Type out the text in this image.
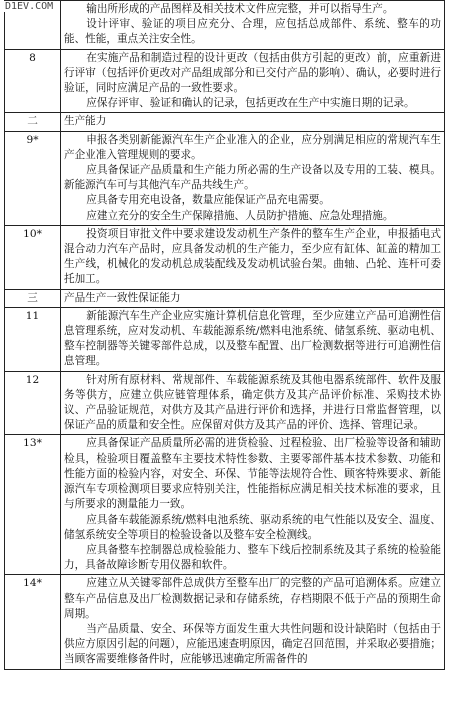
D1EV.COM

	输出所形成的产品图样及相关技术文件应完整，并可以指导生产。
设计评审、验证的项目应充分、合理，应包括总成部件、系统、整车的功能、性能，重点关注安全性。

8	在实施产品和制造过程的设计更改（包括由供方引起的更改）前，应重新进行评审（包括评价更改对产品组成部分和已交付产品的影响）、确认，必要时进行验证，同时应满足产品的一致性要求。
应保存评审、验证和确认的记录，包括更改在生产中实施日期的记录。

二	生产能力
9*	申报各类别新能源汽车生产企业准入的企业，应分别满足相应的常规汽车生产企业准入管理规则的要求。
应具备保证产品质量和生产能力所必需的生产设备以及专用的工装、模具。新能源汽车可与其他汽车产品共线生产。
应具备专用充电设备，数量应能保证产品充电需要。
应建立充分的安全生产保障措施、人员防护措施、应急处理措施。

10*	投资项目审批文件中要求建设发动机生产条件的整车生产企业，申报插电式混合动力汽车产品时，应具备发动机的生产能力，至少应有缸体、缸盖的精加工生产线，机械化的发动机总成装配线及发动机试验台架。曲轴、凸轮、连杆可委托加工。

三	产品生产一致性保证能力
11	新能源汽车生产企业应实施计算机信息化管理，至少应建立产品可追溯性信息管理系统，应对发动机、车载能源系统/燃料电池系统、储氢系统、驱动电机、整车控制器等关键零部件总成，以及整车配置、出厂检测数据等进行可追溯性信息管理。

12	针对所有原材料、常规部件、车载能源系统及其他电器系统部件、软件及服务等供方，应建立供应链管理体系，确定供方及其产品评价标准、采购技术协议、产品验证规范，对供方及其产品进行评价和选择，并进行日常监督管理，以保证产品的质量和安全性。应保留对供方及其产品的评价、选择、管理记录。

13*	应具备保证产品质量所必需的进货检验、过程检验、出厂检验等设备和辅助检具，检验项目覆盖整车主要技术特性参数、主要零部件基本技术参数、功能和性能方面的检验内容，对安全、环保、节能等法规符合性、顾客特殊要求、新能源汽车专项检测项目要求应特别关注，性能指标应满足相关技术标准的要求，且与所要求的测量能力一致。
应具备车载能源系统/燃料电池系统、驱动系统的电气性能以及安全、温度、储氢系统安全等项目的检验设备以及整车安全检测线。
应具备整车控制器总成检验能力、整车下线后控制系统及其子系统的检验能力，具备故障诊断专用仪器和软件。

14*	应建立从关键零部件总成供方至整车出厂的完整的产品可追溯体系。应建立整车产品信息及出厂检测数据记录和存储系统，存档期限不低于产品的预期生命周期。
当产品质量、安全、环保等方面发生重大共性问题和设计缺陷时（包括由于供应方原因引起的问题），应能迅速查明原因，确定召回范围，并采取必要措施；当顾客需要维修备件时，应能够迅速确定所需备件的
